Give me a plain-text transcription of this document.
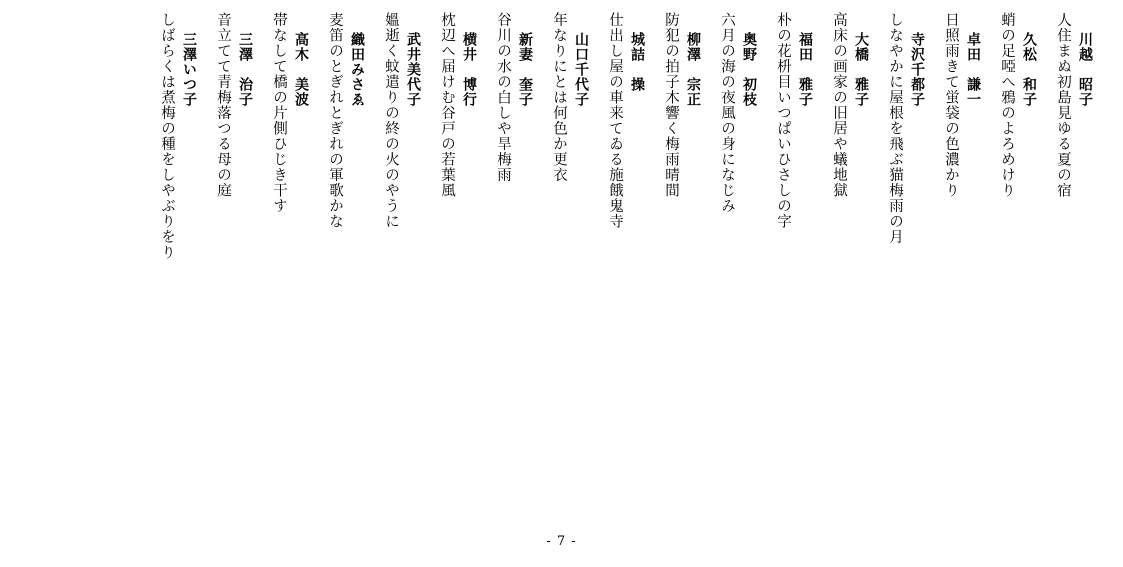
川越　昭子
人住まぬ初島見ゆる夏の宿
久松　和子
蛸の足啞へ鴉のよろめけり
卓田　謙一
日照雨きて蛍袋の色濃かり
寺沢千都子
しなやかに屋根を飛ぶ猫梅雨の月
大橋　雅子
高床の画家の旧居や蟻地獄
福田　雅子
朴の花枡目いつぱいひさしの字
奥野　初枝
六月の海の夜風の身になじみ
柳澤　宗正
防犯の拍子木響く梅雨晴間
城詰　操
仕出し屋の車来てゐる施餓鬼寺
山口千代子
年なりにとは何色か更衣
新妻　奎子
谷川の水の白しや旱梅雨
横井　博行
枕辺へ届けむ谷戸の若葉風
武井美代子
媼逝く蚊遣りの終の火のやうに
織田みさゑ
麦笛のとぎれとぎれの軍歌かな
高木　美波
帯なして橋の片側ひじき干す
三澤　治子
音立てて青梅落つる母の庭
三澤いつ子
しばらくは煮梅の種をしやぶりをり
- 7 -
